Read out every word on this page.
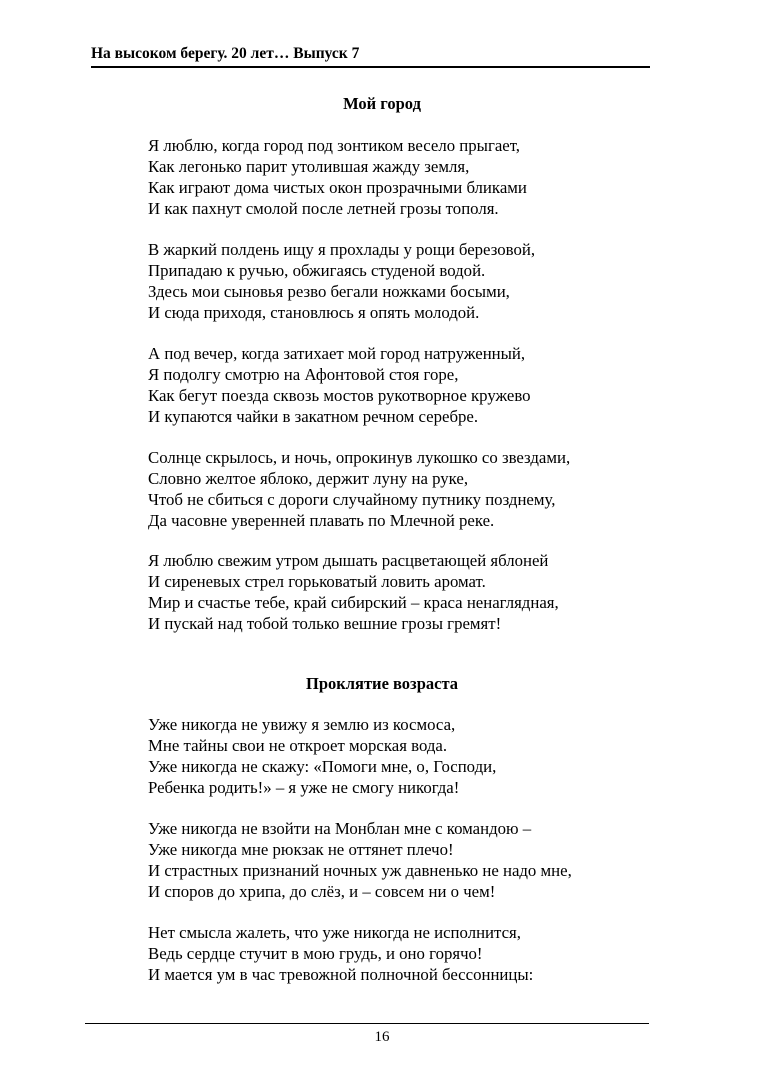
На высоком берегу. 20 лет… Выпуск 7
Мой город
Я люблю, когда город под зонтиком весело прыгает,
Как легонько парит утолившая жажду земля,
Как играют дома чистых окон прозрачными бликами
И как пахнут смолой после летней грозы тополя.
В жаркий полдень ищу я прохлады у рощи березовой,
Припадаю к ручью, обжигаясь студеной водой.
Здесь мои сыновья резво бегали ножками босыми,
И сюда приходя, становлюсь я опять молодой.
А под вечер, когда затихает мой город натруженный,
Я подолгу смотрю на Афонтовой стоя горе,
Как бегут поезда сквозь мостов рукотворное кружево
И купаются чайки в закатном речном серебре.
Солнце скрылось, и ночь, опрокинув лукошко со звездами,
Словно желтое яблоко, держит луну на руке,
Чтоб не сбиться с дороги случайному путнику позднему,
Да часовне уверенней плавать по Млечной реке.
Я люблю свежим утром дышать расцветающей яблоней
И сиреневых стрел горьковатый ловить аромат.
Мир и счастье тебе, край сибирский – краса ненаглядная,
И пускай над тобой только вешние грозы гремят!
Проклятие возраста
Уже никогда не увижу я землю из космоса,
Мне тайны свои не откроет морская вода.
Уже никогда не скажу: «Помоги мне, о, Господи,
Ребенка родить!» – я уже не смогу никогда!
Уже никогда не взойти на Монблан мне с командою –
Уже никогда мне рюкзак не оттянет плечо!
И страстных признаний ночных уж давненько не надо мне,
И споров до хрипа, до слёз, и – совсем ни о чем!
Нет смысла жалеть, что уже никогда не исполнится,
Ведь сердце стучит в мою грудь, и оно горячо!
И мается ум в час тревожной полночной бессонницы:
16
